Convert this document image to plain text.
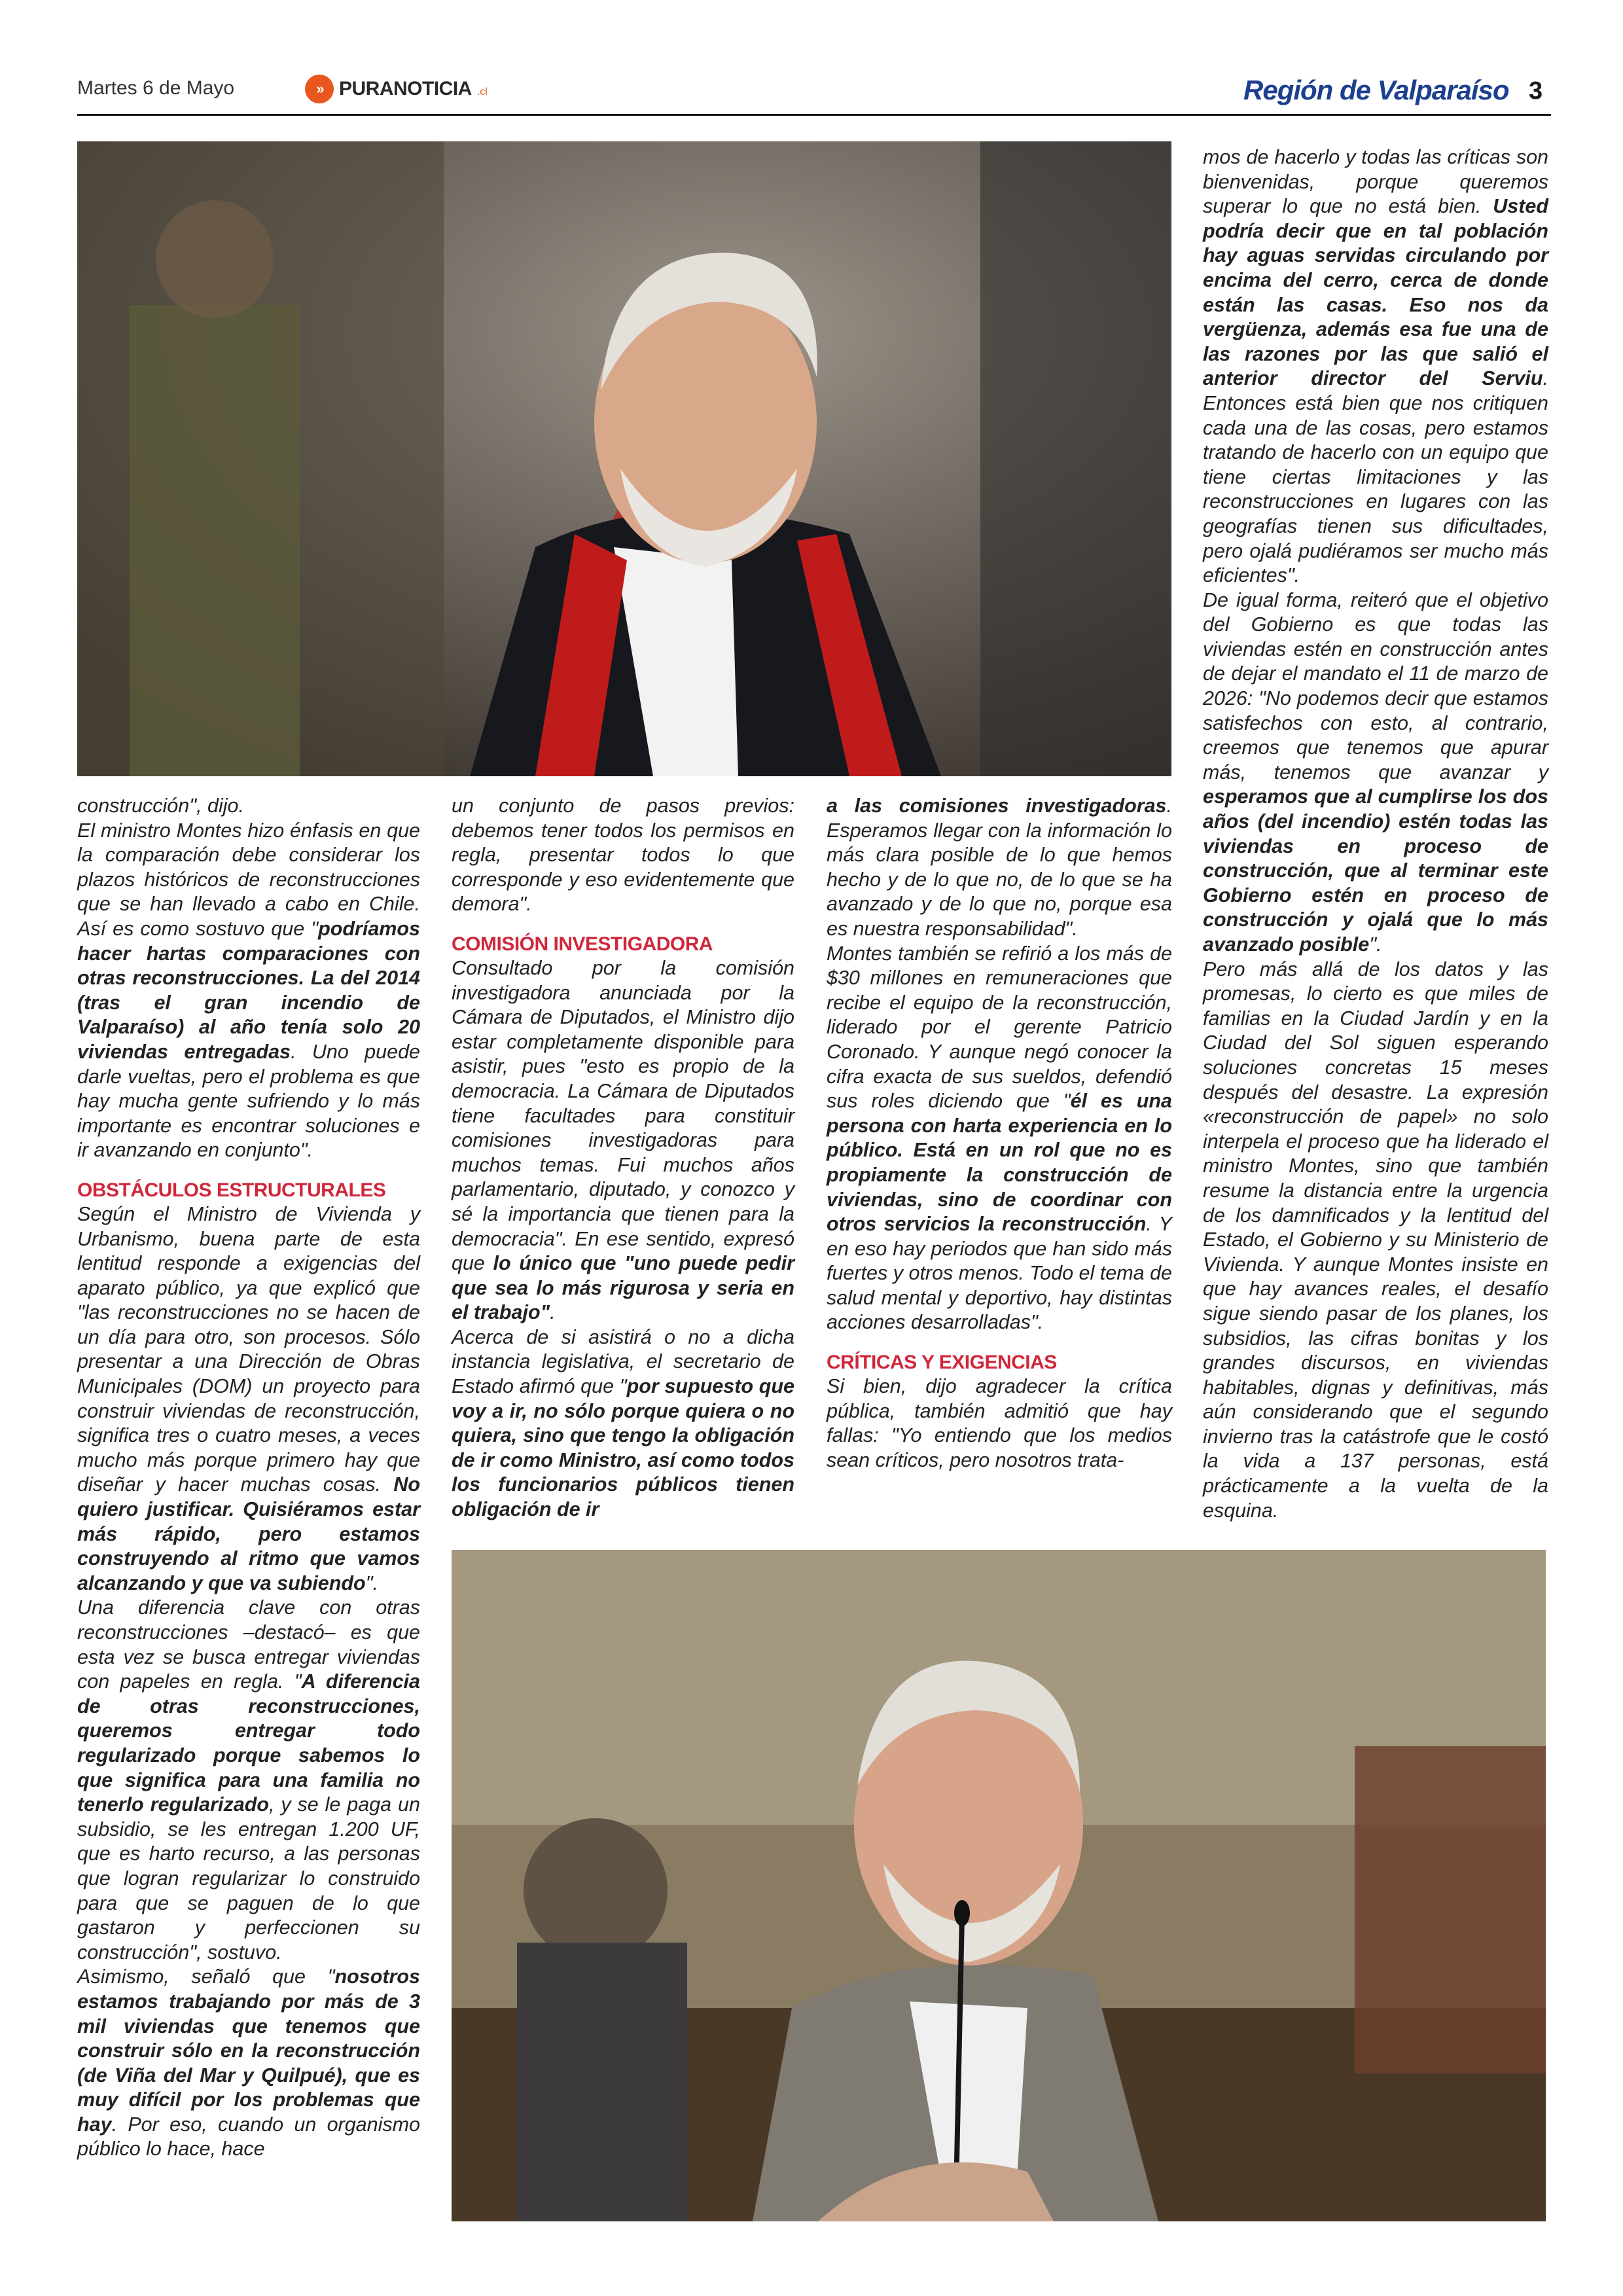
Martes 6 de Mayo	» PURANOTICIA .cl	Región de Valparaíso 3

construcción", dijo.

El ministro Montes hizo énfasis en que la comparación debe considerar los plazos históricos de reconstrucciones que se han llevado a cabo en Chile. Así es como sostuvo que "podríamos hacer hartas comparaciones con otras reconstrucciones. La del 2014 (tras el gran incendio de Valparaíso) al año tenía solo 20 viviendas entregadas. Uno puede darle vueltas, pero el problema es que hay mucha gente sufriendo y lo más importante es encontrar soluciones e ir avanzando en conjunto".

OBSTÁCULOS ESTRUCTURALES

Según el Ministro de Vivienda y Urbanismo, buena parte de esta lentitud responde a exigencias del aparato público, ya que explicó que "las reconstrucciones no se hacen de un día para otro, son procesos. Sólo presentar a una Dirección de Obras Municipales (DOM) un proyecto para construir viviendas de reconstrucción, significa tres o cuatro meses, a veces mucho más porque primero hay que diseñar y hacer muchas cosas. No quiero justificar. Quisiéramos estar más rápido, pero estamos construyendo al ritmo que vamos alcanzando y que va subiendo".

Una diferencia clave con otras reconstrucciones –destacó– es que esta vez se busca entregar viviendas con papeles en regla. "A diferencia de otras reconstrucciones, queremos entregar todo regularizado porque sabemos lo que significa para una familia no tenerlo regularizado, y se le paga un subsidio, se les entregan 1.200 UF, que es harto recurso, a las personas que logran regularizar lo construido para que se paguen de lo que gastaron y perfeccionen su construcción", sostuvo.

Asimismo, señaló que "nosotros estamos trabajando por más de 3 mil viviendas que tenemos que construir sólo en la reconstrucción (de Viña del Mar y Quilpué), que es muy difícil por los problemas que hay. Por eso, cuando un organismo público lo hace, hace

un conjunto de pasos previos: debemos tener todos los permisos en regla, presentar todos lo que corresponde y eso evidentemente que demora".

COMISIÓN INVESTIGADORA

Consultado por la comisión investigadora anunciada por la Cámara de Diputados, el Ministro dijo estar completamente disponible para asistir, pues "esto es propio de la democracia. La Cámara de Diputados tiene facultades para constituir comisiones investigadoras para muchos temas. Fui muchos años parlamentario, diputado, y conozco y sé la importancia que tienen para la democracia". En ese sentido, expresó que lo único que "uno puede pedir que sea lo más rigurosa y seria en el trabajo".

Acerca de si asistirá o no a dicha instancia legislativa, el secretario de Estado afirmó que "por supuesto que voy a ir, no sólo porque quiera o no quiera, sino que tengo la obligación de ir como Ministro, así como todos los funcionarios públicos tienen obligación de ir

a las comisiones investigadoras. Esperamos llegar con la información lo más clara posible de lo que hemos hecho y de lo que no, de lo que se ha avanzado y de lo que no, porque esa es nuestra responsabilidad".

Montes también se refirió a los más de $30 millones en remuneraciones que recibe el equipo de la reconstrucción, liderado por el gerente Patricio Coronado. Y aunque negó conocer la cifra exacta de sus sueldos, defendió sus roles diciendo que "él es una persona con harta experiencia en lo público. Está en un rol que no es propiamente la construcción de viviendas, sino de coordinar con otros servicios la reconstrucción. Y en eso hay periodos que han sido más fuertes y otros menos. Todo el tema de salud mental y deportivo, hay distintas acciones desarrolladas".

CRÍTICAS Y EXIGENCIAS

Si bien, dijo agradecer la crítica pública, también admitió que hay fallas: "Yo entiendo que los medios sean críticos, pero nosotros trata-

mos de hacerlo y todas las críticas son bienvenidas, porque queremos superar lo que no está bien. Usted podría decir que en tal población hay aguas servidas circulando por encima del cerro, cerca de donde están las casas. Eso nos da vergüenza, además esa fue una de las razones por las que salió el anterior director del Serviu. Entonces está bien que nos critiquen cada una de las cosas, pero estamos tratando de hacerlo con un equipo que tiene ciertas limitaciones y las reconstrucciones en lugares con las geografías tienen sus dificultades, pero ojalá pudiéramos ser mucho más eficientes".

De igual forma, reiteró que el objetivo del Gobierno es que todas las viviendas estén en construcción antes de dejar el mandato el 11 de marzo de 2026: "No podemos decir que estamos satisfechos con esto, al contrario, creemos que tenemos que apurar más, tenemos que avanzar y esperamos que al cumplirse los dos años (del incendio) estén todas las viviendas en proceso de construcción, que al terminar este Gobierno estén en proceso de construcción y ojalá que lo más avanzado posible".

Pero más allá de los datos y las promesas, lo cierto es que miles de familias en la Ciudad Jardín y en la Ciudad del Sol siguen esperando soluciones concretas 15 meses después del desastre. La expresión «reconstrucción de papel» no solo interpela el proceso que ha liderado el ministro Montes, sino que también resume la distancia entre la urgencia de los damnificados y la lentitud del Estado, el Gobierno y su Ministerio de Vivienda. Y aunque Montes insiste en que hay avances reales, el desafío sigue siendo pasar de los planes, los subsidios, las cifras bonitas y los grandes discursos, en viviendas habitables, dignas y definitivas, más aún considerando que el segundo invierno tras la catástrofe que le costó la vida a 137 personas, está prácticamente a la vuelta de la esquina.
